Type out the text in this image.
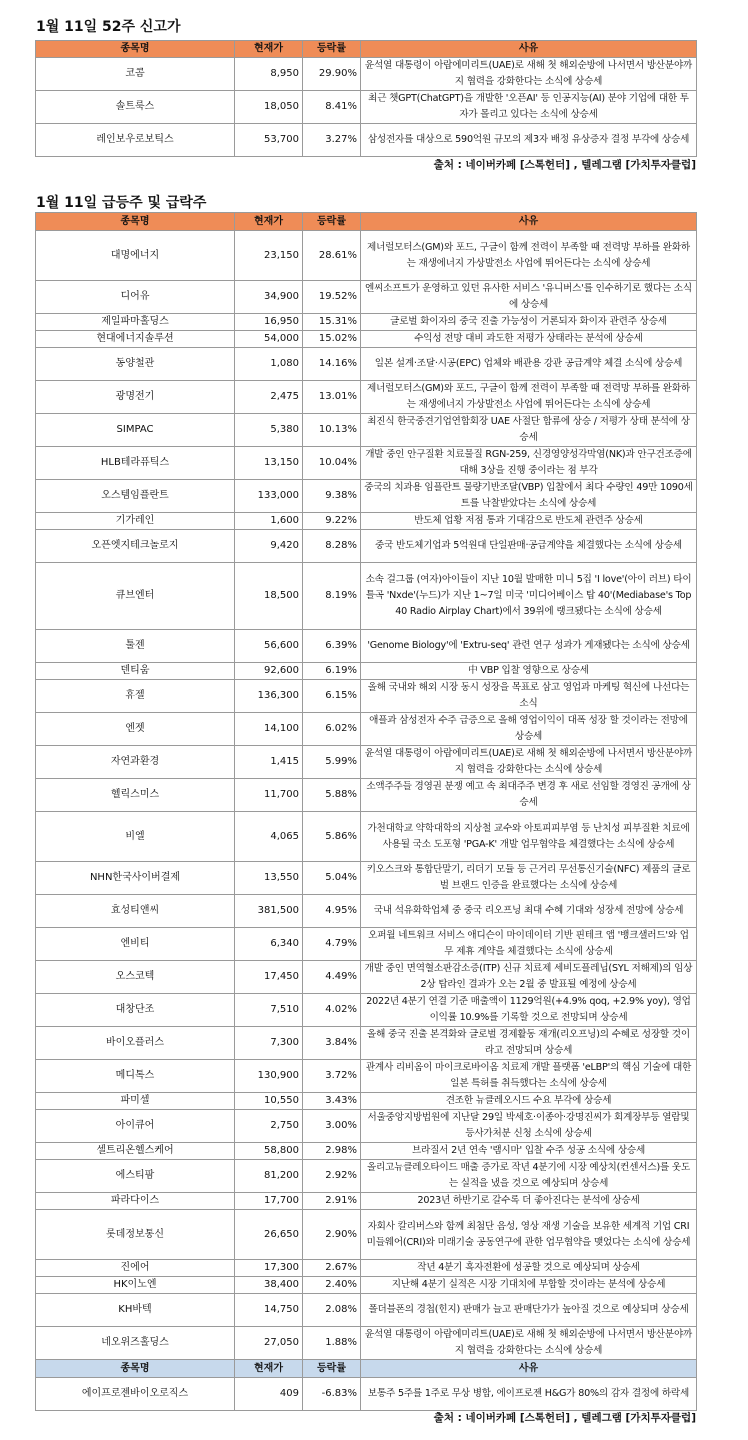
1월 11일 52주 신고가
종목명	현재가	등락률	사유
코콤	8,950	29.90%	윤석열 대통령이 아랍에미리트(UAE)로 새해 첫 해외순방에 나서면서 방산분야까지 협력을 강화한다는 소식에 상승세
솔트룩스	18,050	8.41%	최근 챗GPT(ChatGPT)을 개발한 '오픈AI' 등 인공지능(AI) 분야 기업에 대한 투자가 몰리고 있다는 소식에 상승세
레인보우로보틱스	53,700	3.27%	삼성전자를 대상으로 590억원 규모의 제3자 배정 유상증자 결정 부각에 상승세
출처 : 네이버카페 [스톡헌터] , 텔레그램 [가치투자클럽]
1월 11일 급등주 및 급락주
종목명	현재가	등락률	사유
대명에너지	23,150	28.61%	제너럴모터스(GM)와 포드, 구글이 함께 전력이 부족할 때 전력망 부하를 완화하는 재생에너지 가상발전소 사업에 뛰어든다는 소식에 상승세
디어유	34,900	19.52%	엔씨소프트가 운영하고 있던 유사한 서비스 '유니버스'를 인수하기로 했다는 소식에 상승세
제일파마홀딩스	16,950	15.31%	글로벌 화이자의 중국 진출 가능성이 거론되자 화이자 관련주 상승세
현대에너지솔루션	54,000	15.02%	수익성 전망 대비 과도한 저평가 상태라는 분석에 상승세
동양철관	1,080	14.16%	일본 설계·조달·시공(EPC) 업체와 배관용 강관 공급계약 체결 소식에 상승세
광명전기	2,475	13.01%	제너럴모터스(GM)와 포드, 구글이 함께 전력이 부족할 때 전력망 부하를 완화하는 재생에너지 가상발전소 사업에 뛰어든다는 소식에 상승세
SIMPAC	5,380	10.13%	최진식 한국중견기업연합회장 UAE 사절단 합류에 상승 / 저평가 상태 분석에 상승세
HLB테라퓨틱스	13,150	10.04%	개발 중인 안구질환 치료물질 RGN-259, 신경영양성각막염(NK)과 안구건조증에 대해 3상을 진행 중이라는 점 부각
오스템임플란트	133,000	9.38%	중국의 치과용 임플란트 물량기반조달(VBP) 입찰에서 최다 수량인 49만 1090세트를 낙찰받았다는 소식에 상승세
기가레인	1,600	9.22%	반도체 업황 저점 통과 기대감으로 반도체 관련주 상승세
오픈엣지테크놀로지	9,420	8.28%	중국 반도체기업과 5억원대 단일판매·공급계약을 체결했다는 소식에 상승세
큐브엔터	18,500	8.19%	소속 걸그룹 (여자)아이들이 지난 10월 발매한 미니 5집 'I love'(아이 러브) 타이틀곡 'Nxde'(누드)가 지난 1~7일 미국 '미디어베이스 탑 40'(Mediabase's Top 40 Radio Airplay Chart)에서 39위에 랭크됐다는 소식에 상승세
툴젠	56,600	6.39%	'Genome Biology'에 'Extru-seq' 관련 연구 성과가 게재됐다는 소식에 상승세
덴티움	92,600	6.19%	中 VBP 입찰 영향으로 상승세
휴젤	136,300	6.15%	올해 국내와 해외 시장 동시 성장을 목표로 삼고 영업과 마케팅 혁신에 나선다는 소식
엔젯	14,100	6.02%	애플과 삼성전자 수주 급증으로 올해 영업이익이 대폭 성장 할 것이라는 전망에 상승세
자연과환경	1,415	5.99%	윤석열 대통령이 아랍에미리트(UAE)로 새해 첫 해외순방에 나서면서 방산분야까지 협력을 강화한다는 소식에 상승세
헬릭스미스	11,700	5.88%	소액주주들 경영권 분쟁 예고 속 최대주주 변경 후 새로 선임할 경영진 공개에 상승세
비엘	4,065	5.86%	가천대학교 약학대학의 지상철 교수와 아토피피부염 등 난치성 피부질환 치료에 사용될 국소 도포형 'PGA-K' 개발 업무협약을 체결했다는 소식에 상승세
NHN한국사이버결제	13,550	5.04%	키오스크와 통합단말기, 리더기 모듈 등 근거리 무선통신기술(NFC) 제품의 글로벌 브랜드 인증을 완료했다는 소식에 상승세
효성티앤씨	381,500	4.95%	국내 석유화학업체 중 중국 리오프닝 최대 수혜 기대와 성장세 전망에 상승세
엔비티	6,340	4.79%	오퍼월 네트워크 서비스 애디슨이 마이데이터 기반 핀테크 앱 '뱅크샐러드'와 업무 제휴 계약을 체결했다는 소식에 상승세
오스코텍	17,450	4.49%	개발 중인 면역혈소판감소증(ITP) 신규 치료제 세비도플레닙(SYL 저해제)의 임상 2상 탑라인 결과가 오는 2월 중 발표될 예정에 상승세
대창단조	7,510	4.02%	2022년 4분기 연결 기준 매출액이 1129억원(+4.9% qoq, +2.9% yoy), 영업이익률 10.9%를 기록할 것으로 전망되며 상승세
바이오플러스	7,300	3.84%	올해 중국 진출 본격화와 글로벌 경제활동 재개(리오프닝)의 수혜로 성장할 것이라고 전망되며 상승세
메디톡스	130,900	3.72%	관계사 리비옴이 마이크로바이옴 치료제 개발 플랫폼 'eLBP'의 핵심 기술에 대한 일본 특허를 취득했다는 소식에 상승세
파미셀	10,550	3.43%	견조한 뉴클레오시드 수요 부각에 상승세
아이큐어	2,750	3.00%	서울중앙지방법원에 지난달 29일 박세호·이종아·강명진씨가 회계장부등 열람및등사가처분 신청 소식에 상승세
셀트리온헬스케어	58,800	2.98%	브라질서 2년 연속 '램시마' 입찰 수주 성공 소식에 상승세
에스티팜	81,200	2.92%	올리고뉴클레오타이드 매출 증가로 작년 4분기에 시장 예상치(컨센서스)를 웃도는 실적을 냈을 것으로 예상되며 상승세
파라다이스	17,700	2.91%	2023년 하반기로 갈수록 더 좋아진다는 분석에 상승세
롯데정보통신	26,650	2.90%	자회사 칼리버스와 함께 최첨단 음성, 영상 재생 기술을 보유한 세계적 기업 CRI 미들웨어(CRI)와 미래기술 공동연구에 관한 업무협약을 맺었다는 소식에 상승세
진에어	17,300	2.67%	작년 4분기 흑자전환에 성공할 것으로 예상되며 상승세
HK이노엔	38,400	2.40%	지난해 4분기 실적은 시장 기대치에 부합할 것이라는 분석에 상승세
KH바텍	14,750	2.08%	폴더블폰의 경첩(힌지) 판매가 늘고 판매단가가 높아질 것으로 예상되며 상승세
네오위즈홀딩스	27,050	1.88%	윤석열 대통령이 아랍에미리트(UAE)로 새해 첫 해외순방에 나서면서 방산분야까지 협력을 강화한다는 소식에 상승세
종목명	현재가	등락률	사유
에이프로젠바이오로직스	409	-6.83%	보통주 5주를 1주로 무상 병합, 에이프로젠 H&G가 80%의 감자 결정에 하락세
출처 : 네이버카페 [스톡헌터] , 텔레그램 [가치투자클럽]
